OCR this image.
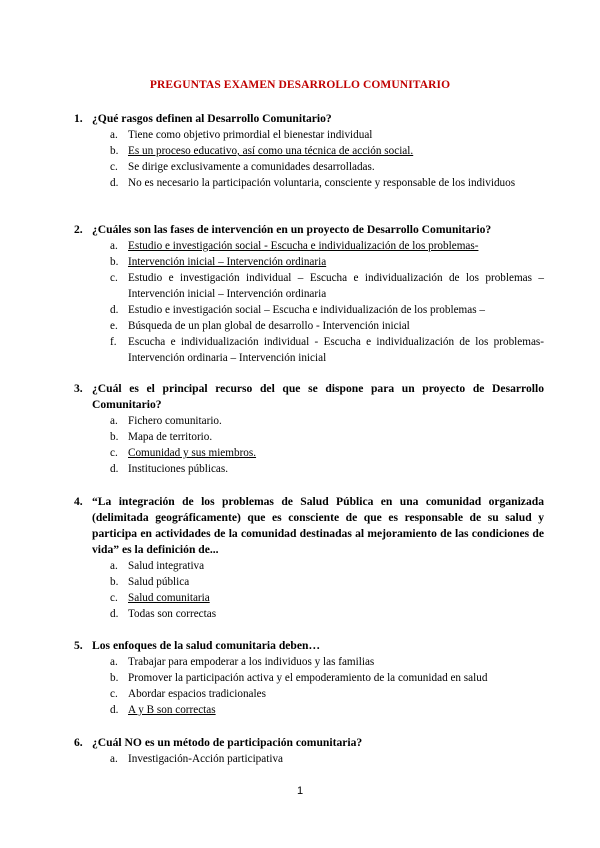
PREGUNTAS EXAMEN DESARROLLO COMUNITARIO
1. ¿Qué rasgos definen al Desarrollo Comunitario?
a. Tiene como objetivo primordial el bienestar individual
b. Es un proceso educativo, así como una técnica de acción social.
c. Se dirige exclusivamente a comunidades desarrolladas.
d. No es necesario la participación voluntaria, consciente y responsable de los individuos
2. ¿Cuáles son las fases de intervención en un proyecto de Desarrollo Comunitario?
a. Estudio e investigación social - Escucha e individualización de los problemas-
b. Intervención inicial – Intervención ordinaria
c. Estudio e investigación individual – Escucha e individualización de los problemas – Intervención inicial – Intervención ordinaria
d. Estudio e investigación social – Escucha e individualización de los problemas –
e. Búsqueda de un plan global de desarrollo - Intervención inicial
f.	Escucha e individualización individual - Escucha e individualización de los problemas- Intervención ordinaria – Intervención inicial
3. ¿Cuál es el principal recurso del que se dispone para un proyecto de Desarrollo Comunitario?
a. Fichero comunitario.
b. Mapa de territorio.
c. Comunidad y sus miembros.
d. Instituciones públicas.
4. “La integración de los problemas de Salud Pública en una comunidad organizada (delimitada geográficamente) que es consciente de que es responsable de su salud y participa en actividades de la comunidad destinadas al mejoramiento de las condiciones de vida” es la definición de...
a. Salud integrativa
b. Salud pública
c. Salud comunitaria
d. Todas son correctas
5. Los enfoques de la salud comunitaria deben…
a. Trabajar para empoderar a los individuos y las familias
b. Promover la participación activa y el empoderamiento de la comunidad en salud
c. Abordar espacios tradicionales
d. A y B son correctas
6. ¿Cuál NO es un método de participación comunitaria?
a. Investigación-Acción participativa
1
